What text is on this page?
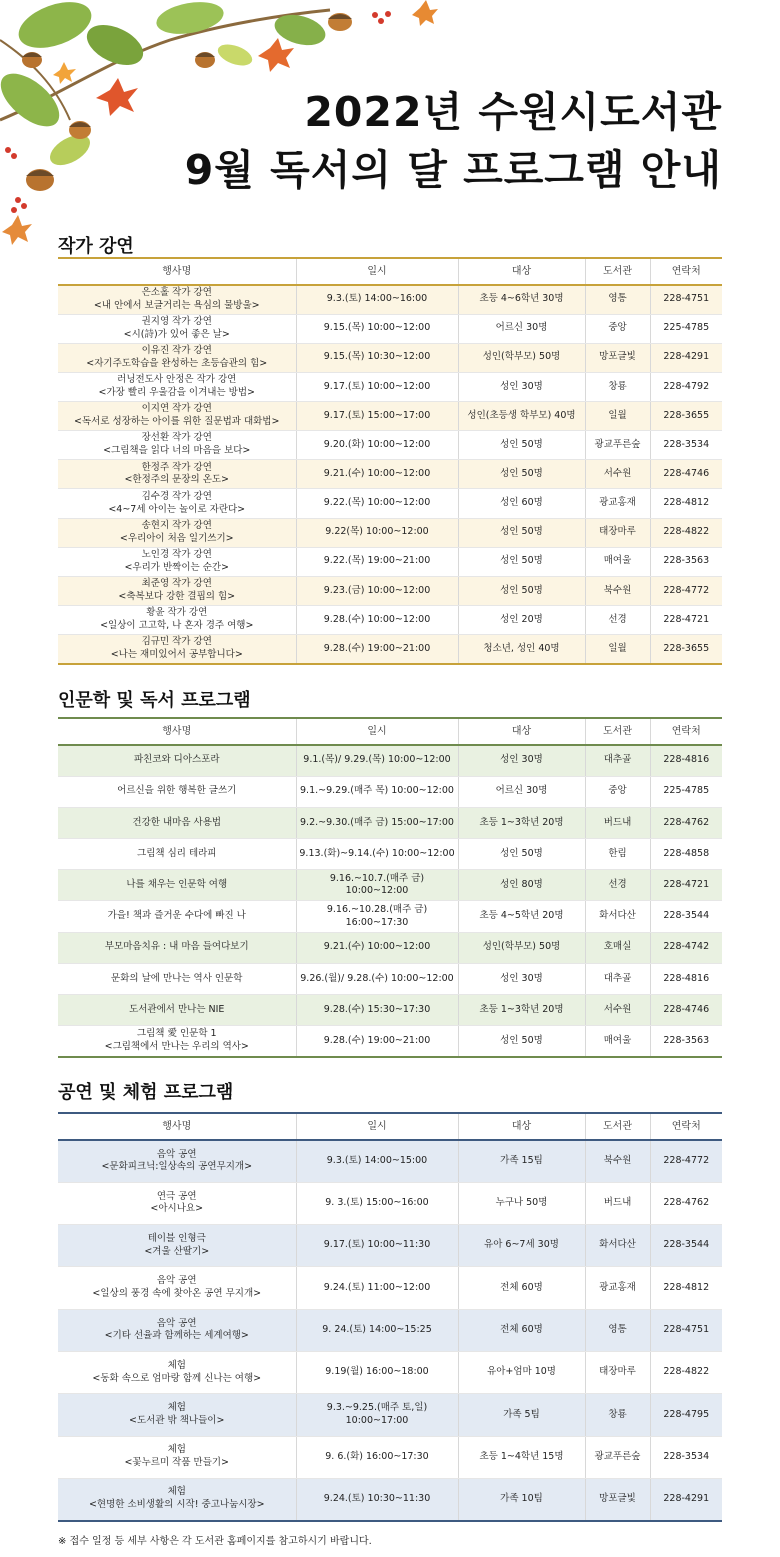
2022년 수원시도서관
9월 독서의 달 프로그램 안내
작가 강연
행사명	일시	대상	도서관	연락처

은소홀 작가 강연
<내 안에서 보글거리는 욕심의 물방울>	9.3.(토) 14:00~16:00	초등 4~6학년 30명	영통	228-4751

권지영 작가 강연
<시(詩)가 있어 좋은 날>	9.15.(목) 10:00~12:00	어르신 30명	중앙	225-4785

이유진 작가 강연
<자기주도학습을 완성하는 초등습관의 힘>	9.15.(목) 10:30~12:00	성인(학부모) 50명	망포글빛	228-4291

러닝전도사 안정은 작가 강연
<가장 빨리 우울감을 이겨내는 방법>	9.17.(토) 10:00~12:00	성인 30명	창룡	228-4792

이지연 작가 강연
<독서로 성장하는 아이를 위한 질문법과 대화법>	9.17.(토) 15:00~17:00	성인(초등생 학부모) 40명	일월	228-3655

장선환 작가 강연
<그림책을 읽다 너의 마음을 보다>	9.20.(화) 10:00~12:00	성인 50명	광교푸른숲	228-3534

한정주 작가 강연
<한정주의 문장의 온도>	9.21.(수) 10:00~12:00	성인 50명	서수원	228-4746

김수경 작가 강연
<4~7세 아이는 놀이로 자란다>	9.22.(목) 10:00~12:00	성인 60명	광교홍재	228-4812

송현지 작가 강연
<우리아이 처음 일기쓰기>	9.22(목) 10:00~12:00	성인 50명	태장마루	228-4822

노인경 작가 강연
<우리가 반짝이는 순간>	9.22.(목) 19:00~21:00	성인 50명	매여울	228-3563

최준영 작가 강연
<축복보다 강한 결핍의 힘>	9.23.(금) 10:00~12:00	성인 50명	북수원	228-4772

황윤 작가 강연
<일상이 고고학, 나 혼자 경주 여행>	9.28.(수) 10:00~12:00	성인 20명	선경	228-4721

김규민 작가 강연
<나는 재미있어서 공부합니다>	9.28.(수) 19:00~21:00	청소년, 성인 40명	일월	228-3655
인문학 및 독서 프로그램
행사명	일시	대상	도서관	연락처

파친코와 디아스포라	9.1.(목)/ 9.29.(목) 10:00~12:00	성인 30명	대추골	228-4816

어르신을 위한 행복한 글쓰기	9.1.~9.29.(매주 목) 10:00~12:00	어르신 30명	중앙	225-4785

건강한 내마음 사용법	9.2.~9.30.(매주 금) 15:00~17:00	초등 1~3학년 20명	버드내	228-4762

그림책 심리 테라피	9.13.(화)~9.14.(수) 10:00~12:00	성인 50명	한림	228-4858

나를 채우는 인문학 여행	9.16.~10.7.(매주 금) 10:00~12:00	성인 80명	선경	228-4721

가을! 책과 즐거운 수다에 빠진 나	9.16.~10.28.(매주 금) 16:00~17:30	초등 4~5학년 20명	화서다산	228-3544

부모마음치유 : 내 마음 들여다보기	9.21.(수) 10:00~12:00	성인(학부모) 50명	호매실	228-4742

문화의 날에 만나는 역사 인문학	9.26.(월)/ 9.28.(수) 10:00~12:00	성인 30명	대추골	228-4816

도서관에서 만나는 NIE	9.28.(수) 15:30~17:30	초등 1~3학년 20명	서수원	228-4746

그림책 愛 인문학 1
<그림책에서 만나는 우리의 역사>	9.28.(수) 19:00~21:00	성인 50명	매여울	228-3563
공연 및 체험 프로그램
행사명	일시	대상	도서관	연락처

음악 공연
<문화피크닉:일상속의 공연무지개>	9.3.(토) 14:00~15:00	가족 15팀	북수원	228-4772

연극 공연
<아시나요>	9. 3.(토) 15:00~16:00	누구나 50명	버드내	228-4762

테이블 인형극
<겨울 산딸기>	9.17.(토) 10:00~11:30	유아 6~7세 30명	화서다산	228-3544

음악 공연
<일상의 풍경 속에 찾아온 공연 무지개>	9.24.(토) 11:00~12:00	전체 60명	광교홍재	228-4812

음악 공연
<기타 선율과 함께하는 세계여행>	9. 24.(토) 14:00~15:25	전체 60명	영통	228-4751

체험
<동화 속으로 엄마랑 함께 신나는 여행>	9.19(월) 16:00~18:00	유아+엄마 10명	태장마루	228-4822

체험
<도서관 밖 책나들이>	9.3.~9.25.(매주 토,일) 10:00~17:00	가족 5팀	창룡	228-4795

체험
<꽃누르미 작품 만들기>	9. 6.(화) 16:00~17:30	초등 1~4학년 15명	광교푸른숲	228-3534

체험
<현명한 소비생활의 시작! 중고나눔시장>	9.24.(토) 10:30~11:30	가족 10팀	망포글빛	228-4291
※ 접수 일정 등 세부 사항은 각 도서관 홈페이지를 참고하시기 바랍니다.
